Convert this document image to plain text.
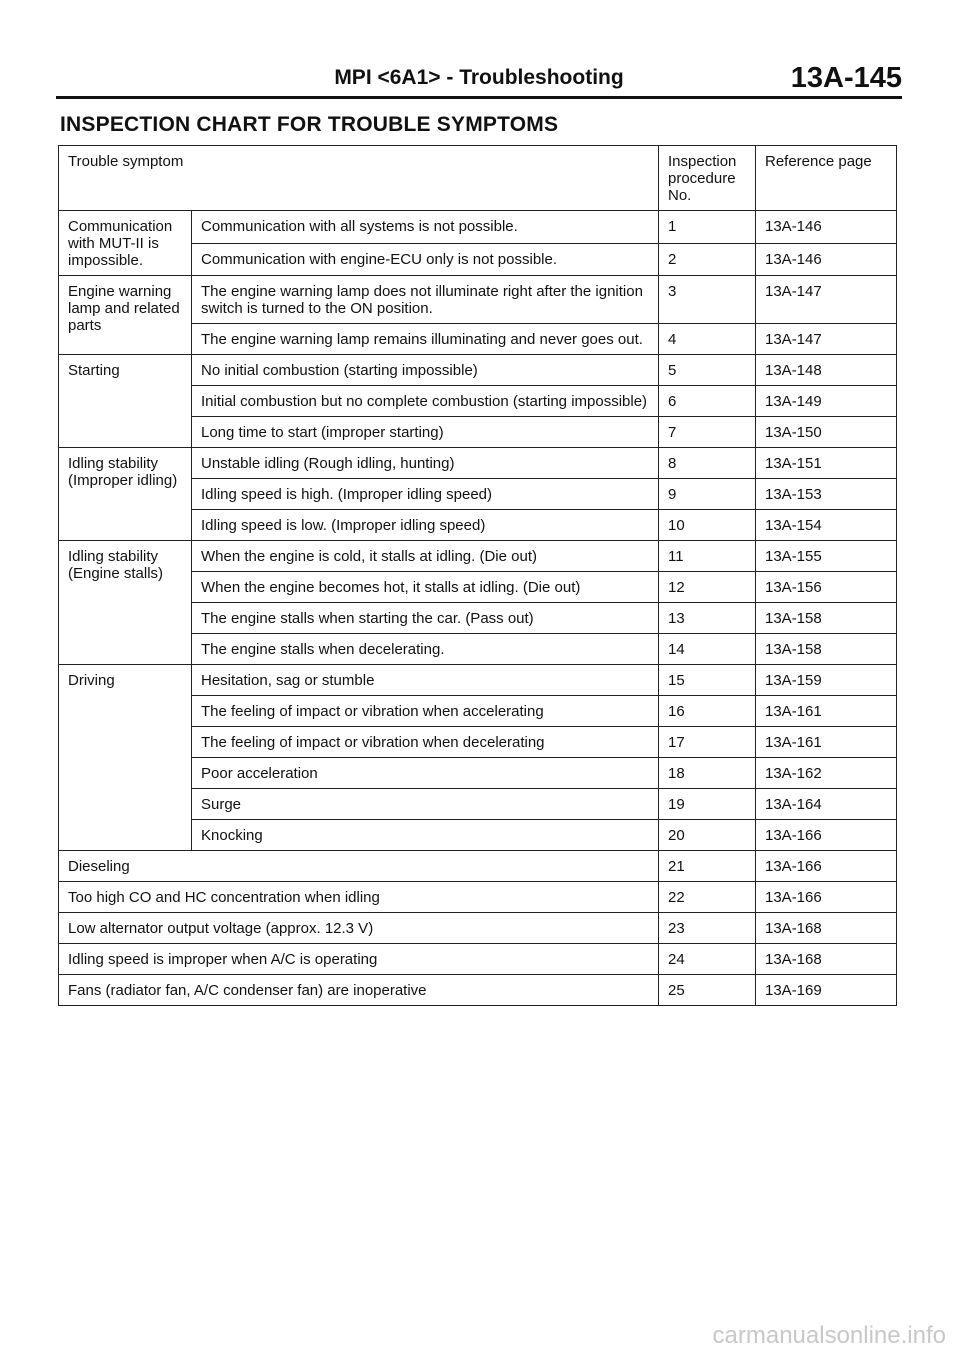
MPI <6A1> - Troubleshooting	13A-145
INSPECTION CHART FOR TROUBLE SYMPTOMS
Trouble symptom		Inspection procedure No.	Reference page
Communication with MUT-II is impossible.	Communication with all systems is not possible.	1	13A-146
	Communication with engine-ECU only is not possible.	2	13A-146
Engine warning lamp and related parts	The engine warning lamp does not illuminate right after the ignition switch is turned to the ON position.	3	13A-147
	The engine warning lamp remains illuminating and never goes out.	4	13A-147
Starting	No initial combustion (starting impossible)	5	13A-148
	Initial combustion but no complete combustion (starting impossible)	6	13A-149
	Long time to start (improper starting)	7	13A-150
Idling stability (Improper idling)	Unstable idling (Rough idling, hunting)	8	13A-151
	Idling speed is high. (Improper idling speed)	9	13A-153
	Idling speed is low. (Improper idling speed)	10	13A-154
Idling stability (Engine stalls)	When the engine is cold, it stalls at idling. (Die out)	11	13A-155
	When the engine becomes hot, it stalls at idling. (Die out)	12	13A-156
	The engine stalls when starting the car. (Pass out)	13	13A-158
	The engine stalls when decelerating.	14	13A-158
Driving	Hesitation, sag or stumble	15	13A-159
	The feeling of impact or vibration when accelerating	16	13A-161
	The feeling of impact or vibration when decelerating	17	13A-161
	Poor acceleration	18	13A-162
	Surge	19	13A-164
	Knocking	20	13A-166
Dieseling		21	13A-166
Too high CO and HC concentration when idling		22	13A-166
Low alternator output voltage (approx. 12.3 V)		23	13A-168
Idling speed is improper when A/C is operating		24	13A-168
Fans (radiator fan, A/C condenser fan) are inoperative		25	13A-169
carmanualsonline.info
